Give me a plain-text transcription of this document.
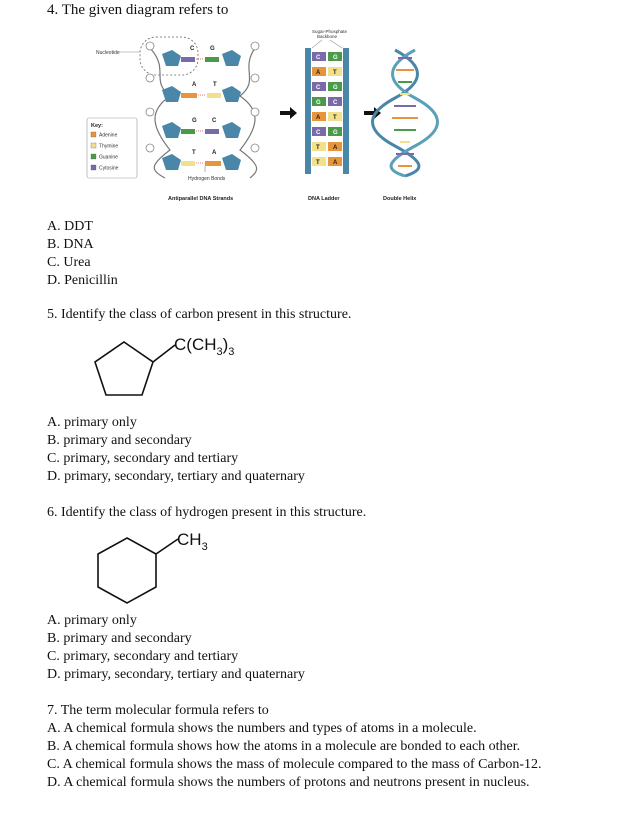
4. The given diagram refers to
Nucleotide
C	G
A	T
G	C
T	A
Hydrogen Bonds
Key:
Adenine
Thymine
Guanine
Cytosine
Sugar-Phosphate
Backbone
C G
A T
C G
G C
A T
C G
T A
T A
Antiparallel DNA Strands	DNA Ladder	Double Helix
A. DDT
B. DNA
C. Urea
D. Penicillin
5. Identify the class of carbon present in this structure.
$C(CH_3)_3$
A. primary only
B. primary and secondary
C. primary, secondary and tertiary
D. primary, secondary, tertiary and quaternary
6. Identify the class of hydrogen present in this structure.
$CH_3$
A. primary only
B. primary and secondary
C. primary, secondary and tertiary
D. primary, secondary, tertiary and quaternary
7. The term molecular formula refers to
A. A chemical formula shows the numbers and types of atoms in a molecule.
B. A chemical formula shows how the atoms in a molecule are bonded to each other.
C. A chemical formula shows the mass of molecule compared to the mass of Carbon-12.
D. A chemical formula shows the numbers of protons and neutrons present in nucleus.
